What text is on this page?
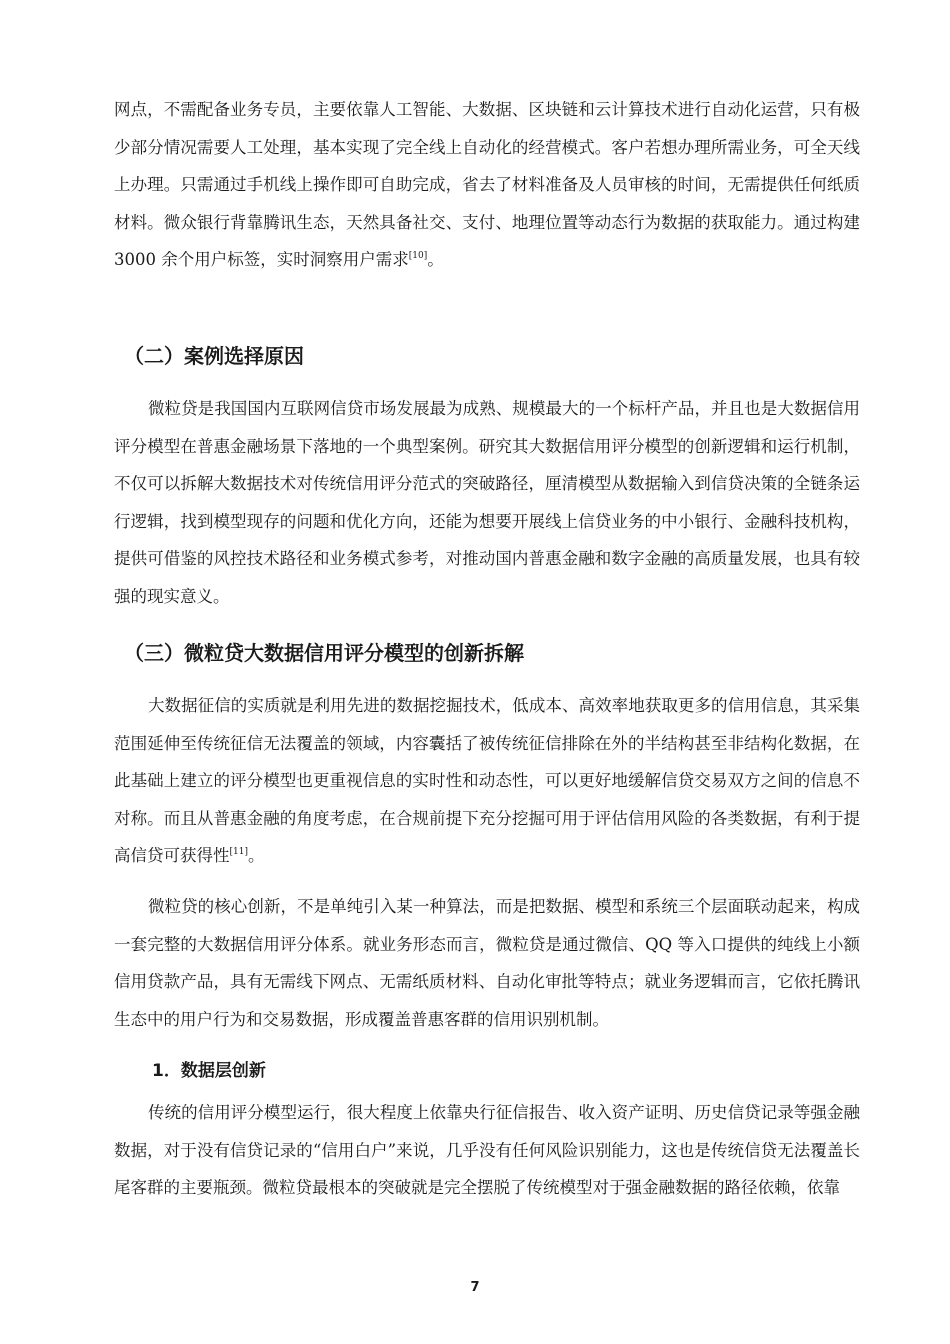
网点，不需配备业务专员，主要依靠人工智能、大数据、区块链和云计算技术进行自动化运营，只有极少部分情况需要人工处理，基本实现了完全线上自动化的经营模式。客户若想办理所需业务，可全天线上办理。只需通过手机线上操作即可自助完成，省去了材料准备及人员审核的时间，无需提供任何纸质材料。微众银行背靠腾讯生态，天然具备社交、支付、地理位置等动态行为数据的获取能力。通过构建 3000 余个用户标签，实时洞察用户需求[10]。

（二）案例选择原因

微粒贷是我国国内互联网信贷市场发展最为成熟、规模最大的一个标杆产品，并且也是大数据信用评分模型在普惠金融场景下落地的一个典型案例。研究其大数据信用评分模型的创新逻辑和运行机制，不仅可以拆解大数据技术对传统信用评分范式的突破路径，厘清模型从数据输入到信贷决策的全链条运行逻辑，找到模型现存的问题和优化方向，还能为想要开展线上信贷业务的中小银行、金融科技机构，提供可借鉴的风控技术路径和业务模式参考，对推动国内普惠金融和数字金融的高质量发展，也具有较强的现实意义。

（三）微粒贷大数据信用评分模型的创新拆解

大数据征信的实质就是利用先进的数据挖掘技术，低成本、高效率地获取更多的信用信息，其采集范围延伸至传统征信无法覆盖的领域，内容囊括了被传统征信排除在外的半结构甚至非结构化数据，在此基础上建立的评分模型也更重视信息的实时性和动态性，可以更好地缓解信贷交易双方之间的信息不对称。而且从普惠金融的角度考虑，在合规前提下充分挖掘可用于评估信用风险的各类数据，有利于提高信贷可获得性[11]。

微粒贷的核心创新，不是单纯引入某一种算法，而是把数据、模型和系统三个层面联动起来，构成一套完整的大数据信用评分体系。就业务形态而言，微粒贷是通过微信、QQ 等入口提供的纯线上小额信用贷款产品，具有无需线下网点、无需纸质材料、自动化审批等特点；就业务逻辑而言，它依托腾讯生态中的用户行为和交易数据，形成覆盖普惠客群的信用识别机制。

1．数据层创新

传统的信用评分模型运行，很大程度上依靠央行征信报告、收入资产证明、历史信贷记录等强金融数据，对于没有信贷记录的“信用白户”来说，几乎没有任何风险识别能力，这也是传统信贷无法覆盖长尾客群的主要瓶颈。微粒贷最根本的突破就是完全摆脱了传统模型对于强金融数据的路径依赖，依靠

7
